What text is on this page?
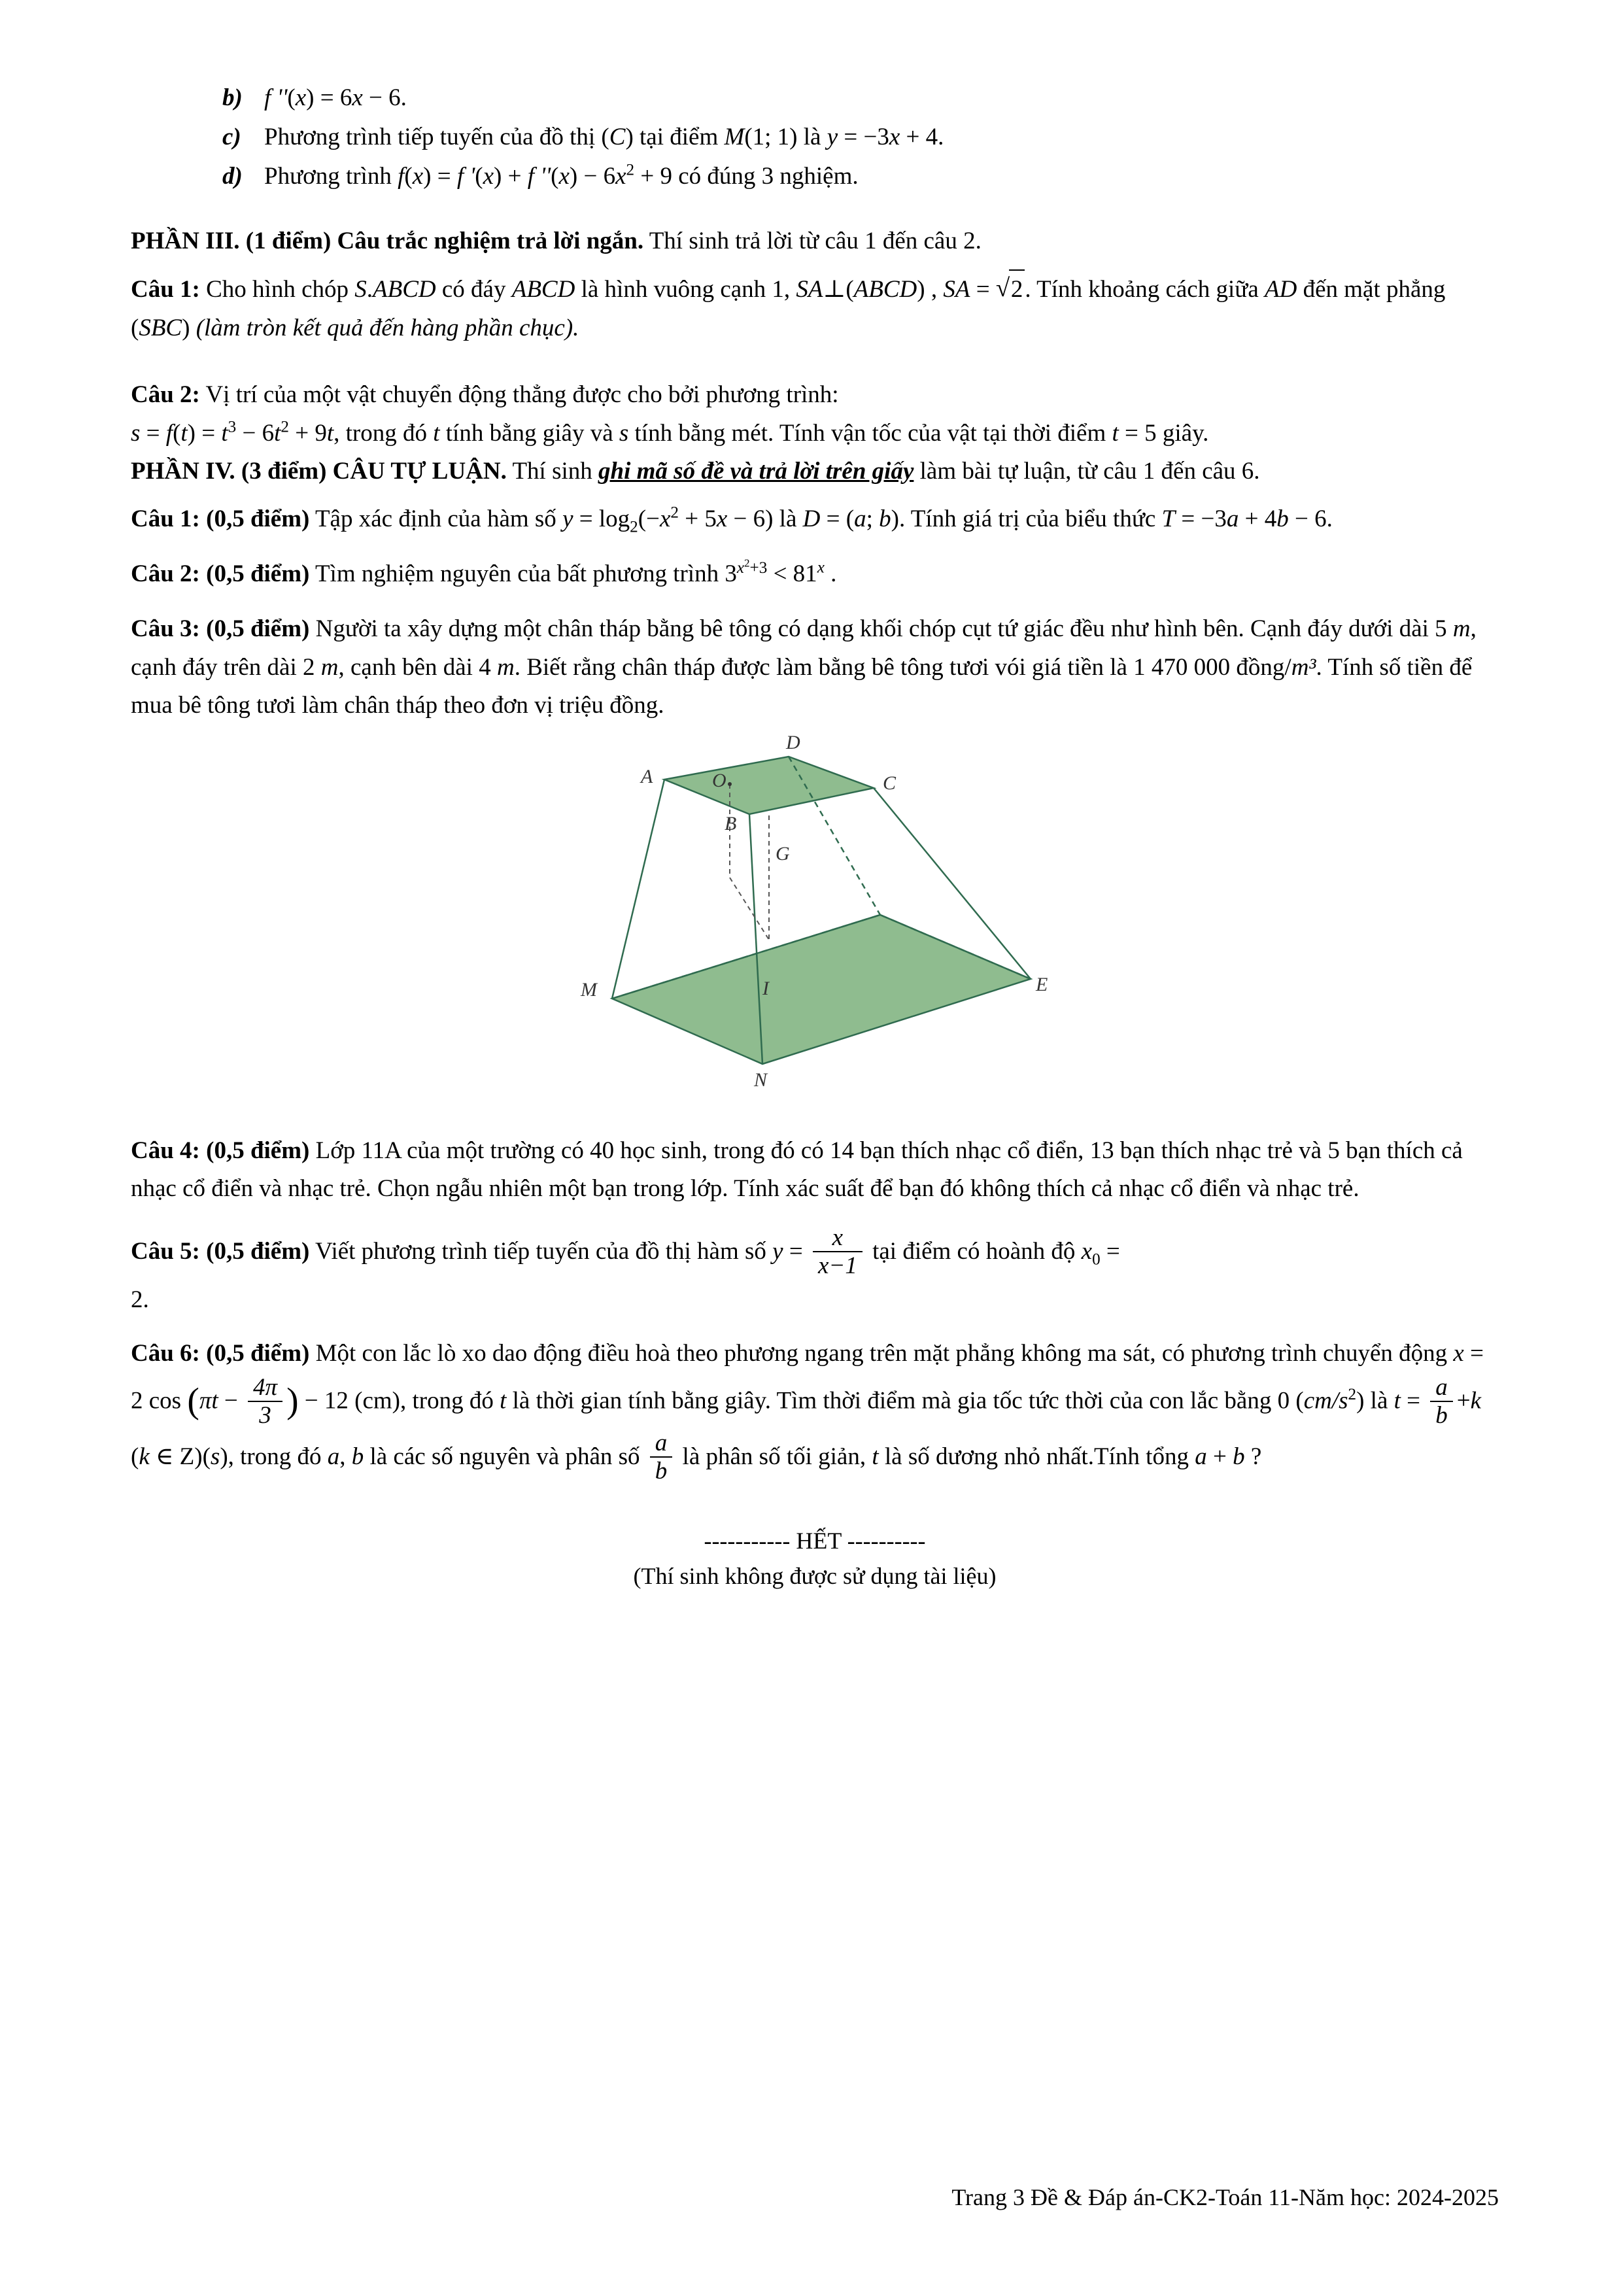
b) f ''(x) = 6x − 6.
c) Phương trình tiếp tuyến của đồ thị (C) tại điểm M(1; 1) là y = −3x + 4.
d) Phương trình f(x) = f '(x) + f ''$(x) - 6x^2 + 9$ có đúng 3 nghiệm.

PHẦN III. (1 điểm) Câu trắc nghiệm trả lời ngắn. Thí sinh trả lời từ câu 1 đến câu 2.

Câu 1: Cho hình chóp S.ABCD có đáy ABCD là hình vuông cạnh 1, SA⊥(ABCD) , SA = √ 2. Tính khoảng cách giữa AD đến mặt phẳng (SBC) (làm tròn kết quả đến hàng phần chục).

Câu 2: Vị trí của một vật chuyển động thẳng được cho bởi phương trình:

$s = f(t) = t^3 - 6t^2 + 9t$, trong đó t tính bằng giây và s tính bằng mét. Tính vận tốc của vật tại thời điểm t = 5 giây.

PHẦN IV. (3 điểm) CÂU TỰ LUẬN. Thí sinh ghi mã số đề và trả lời trên giấy làm bài tự luận, từ câu 1 đến câu 6.

Câu 1: (0,5 điểm) Tập xác định của hàm số $y = \log_2(-x^2 + 5x - 6)$ là D = (a; b). Tính giá trị của biểu thức T = −3a + 4b − 6.

Câu 2: (0,5 điểm) Tìm nghiệm nguyên của bất phương trình $3^{x^2+3} < 81^x$ .

Câu 3: (0,5 điểm) Người ta xây dựng một chân tháp bằng bê tông có dạng khối chóp cụt tứ giác đều như hình bên. Cạnh đáy dưới dài 5 m, cạnh đáy trên dài 2 m, cạnh bên dài 4 m. Biết rằng chân tháp được làm bằng bê tông tươi vói giá tiền là 1 470 000 đồng/m³. Tính số tiền để mua bê tông tươi làm chân tháp theo đơn vị triệu đồng.

D
A	O	C
B
G
M	I	E
N

Câu 4: (0,5 điểm) Lớp 11A của một trường có 40 học sinh, trong đó có 14 bạn thích nhạc cổ điển, 13 bạn thích nhạc trẻ và 5 bạn thích cả nhạc cổ điển và nhạc trẻ. Chọn ngẫu nhiên một bạn trong lớp. Tính xác suất để bạn đó không thích cả nhạc cổ điển và nhạc trẻ.

Câu 5: (0,5 điểm) Viết phương trình tiếp tuyến của đồ thị hàm số $y = \frac{x}{x-1}$ tại điểm có hoành độ $x_0$ =

2.

Câu 6: (0,5 điểm) Một con lắc lò xo dao động điều hoà theo phương ngang trên mặt phẳng không ma sát, có phương trình chuyển động x = 2 $\cos (\pi t - \frac{4\pi}{3}$ ) − 12 (cm), trong đó t là thời gian tính bằng giây. Tìm thời điểm mà gia tốc tức thời của con lắc bằng 0 $(cm/s^2)$ là $t = \frac{a}{b} +k$ (k ∈ Z)(s), trong đó a, b là các số nguyên và phân số $\frac{a}{b}$ là phân số tối giản, t là số dương nhỏ nhất.Tính tổng a + b ?

----------- HẾT ----------
(Thí sinh không được sử dụng tài liệu)
Trang 3 Đề & Đáp án-CK2-Toán 11-Năm học: 2024-2025
